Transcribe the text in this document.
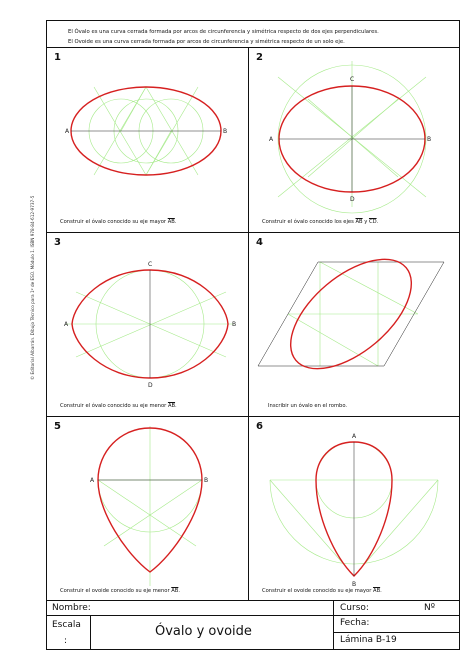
El Óvalo es una curva cerrada formada por arcos de circunferencia y simétrica respecto de dos ejes perpendiculares.
El Ovoide es una curva cerrada formada por arcos de circunferencia y simétrica respecto de un solo eje.
1	2
3	4
5	6
Construir el óvalo conocido su eje mayor $\overline{AB}$.	Construir el óvalo conocido los ejes $\overline{AB}$ y $\overline{CD}$.
Construir el óvalo conocido su eje menor $\overline{AB}$.	Inscribir un óvalo en el rombo.
Construir el ovoide conocido su eje menor $\overline{AB}$.	Construir el ovoide conocido su eje mayor $\overline{AB}$.
© Editorial Albarrán. Dibujo Técnico para 1º de ESO. Módulo 1. ISBN 978-84-612-9737-5
A	B
A	B
C
D
A	B
C
D
A	B
A
B
Nombre:
Escala
:
Óvalo y ovoide
Curso:	Nº
Fecha:
Lámina B-19
